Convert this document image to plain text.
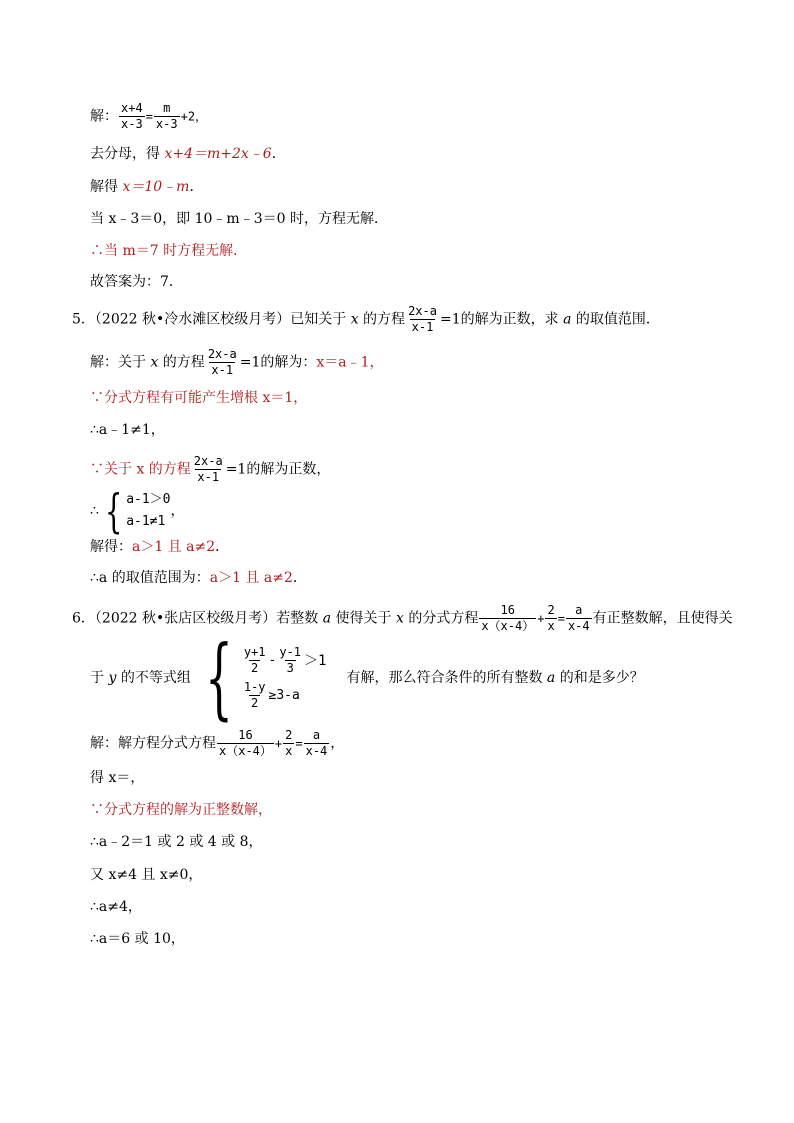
解： $\frac{x+4}{x-3} = \frac{m}{x-3} +2$，
去分母，得 x+4＝m+2x﹣6．
解得 x＝10﹣m．
当 x﹣3＝0，即 10﹣m﹣3＝0 时，方程无解．
∴当 m＝7 时方程无解．
故答案为：7．
5．（2022 秋•冷水滩区校级月考）已知关于 x 的方程 $\frac{2x-a}{x-1} =1$的解为正数，求 a 的取值范围．
解：关于 x 的方程 $\frac{2x-a}{x-1} =1$的解为：x＝a﹣1，
∵分式方程有可能产生增根 x＝1，
∴a﹣1≠1，
∵关于 x 的方程 $\frac{2x-a}{x-1} =1$的解为正数，
∴ { a-1＞0
a-1≠1
，
解得：a＞1 且 a≠2．
∴a 的取值范围为：a＞1 且 a≠2．
6．（2022 秋•张店区校级月考）若整数 a 使得关于 x 的分式方程 $\frac{16}{x(x-4)} + \frac{2}{x} = \frac{a}{x-4}$ 有正整数解，且使得关
于 y 的不等式组 { $\frac{y+1}{2} - \frac{y-1}{3} >1$
$\frac{1-y}{2} \ge 3-a$
有解，那么符合条件的所有整数 a 的和是多少？
解：解方程分式方程 $\frac{16}{x(x-4)} + \frac{2}{x} = \frac{a}{x-4}$ ，
得 x＝，
∵分式方程的解为正整数解，
∴a﹣2＝1 或 2 或 4 或 8，
又 x≠4 且 x≠0，
∴a≠4，
∴a＝6 或 10，
